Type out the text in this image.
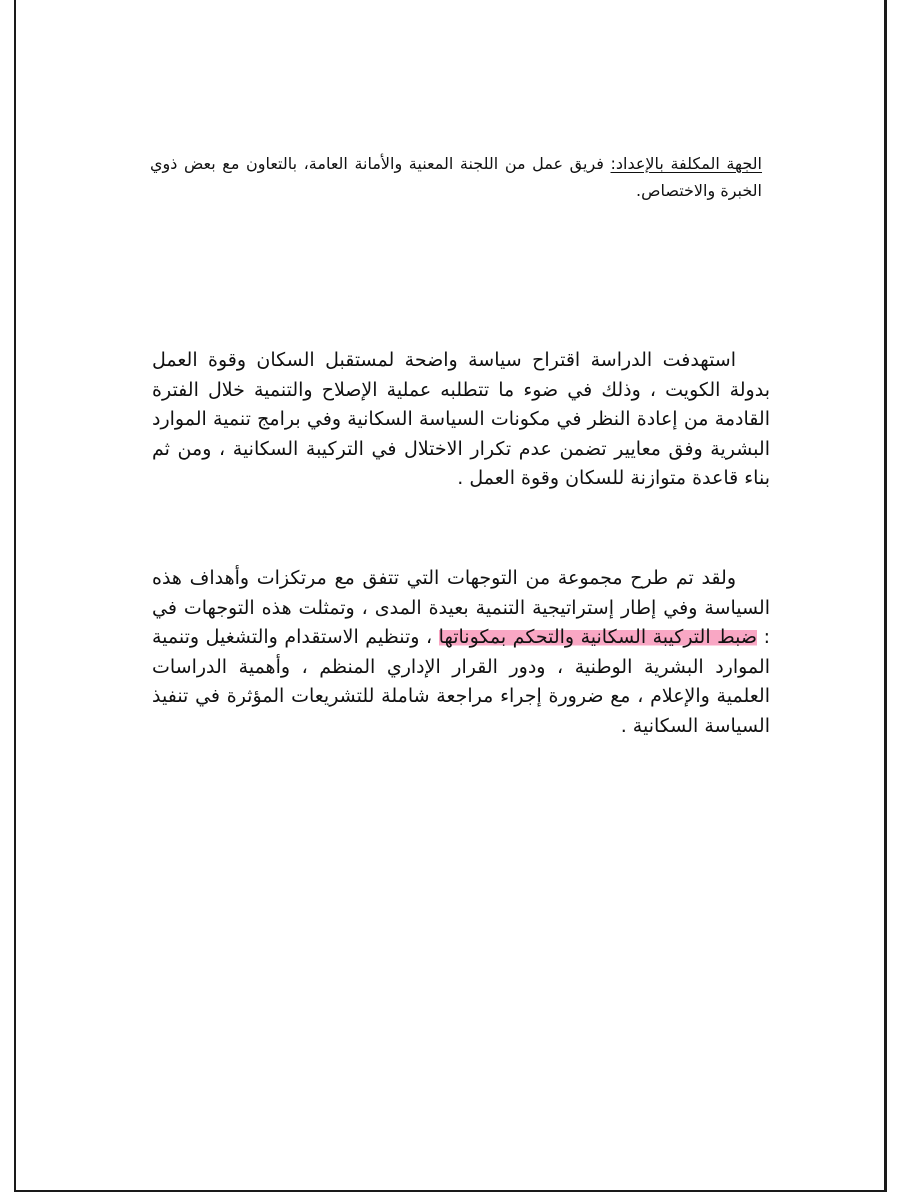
الجهة المكلفة بالإعداد: فريق عمل من اللجنة المعنية والأمانة العامة، بالتعاون مع بعض ذوي الخبرة والاختصاص.

استهدفت الدراسة اقتراح سياسة واضحة لمستقبل السكان وقوة العمل بدولة الكويت ، وذلك في ضوء ما تتطلبه عملية الإصلاح والتنمية خلال الفترة القادمة من إعادة النظر في مكونات السياسة السكانية وفي برامج تنمية الموارد البشرية وفق معايير تضمن عدم تكرار الاختلال في التركيبة السكانية ، ومن ثم بناء قاعدة متوازنة للسكان وقوة العمل .

ولقد تم طرح مجموعة من التوجهات التي تتفق مع مرتكزات وأهداف هذه السياسة وفي إطار إستراتيجية التنمية بعيدة المدى ، وتمثلت هذه التوجهات في : ضبط التركيبة السكانية والتحكم بمكوناتها ، وتنظيم الاستقدام والتشغيل وتنمية الموارد البشرية الوطنية ، ودور القرار الإداري المنظم ، وأهمية الدراسات العلمية والإعلام ، مع ضرورة إجراء مراجعة شاملة للتشريعات المؤثرة في تنفيذ السياسة السكانية .
